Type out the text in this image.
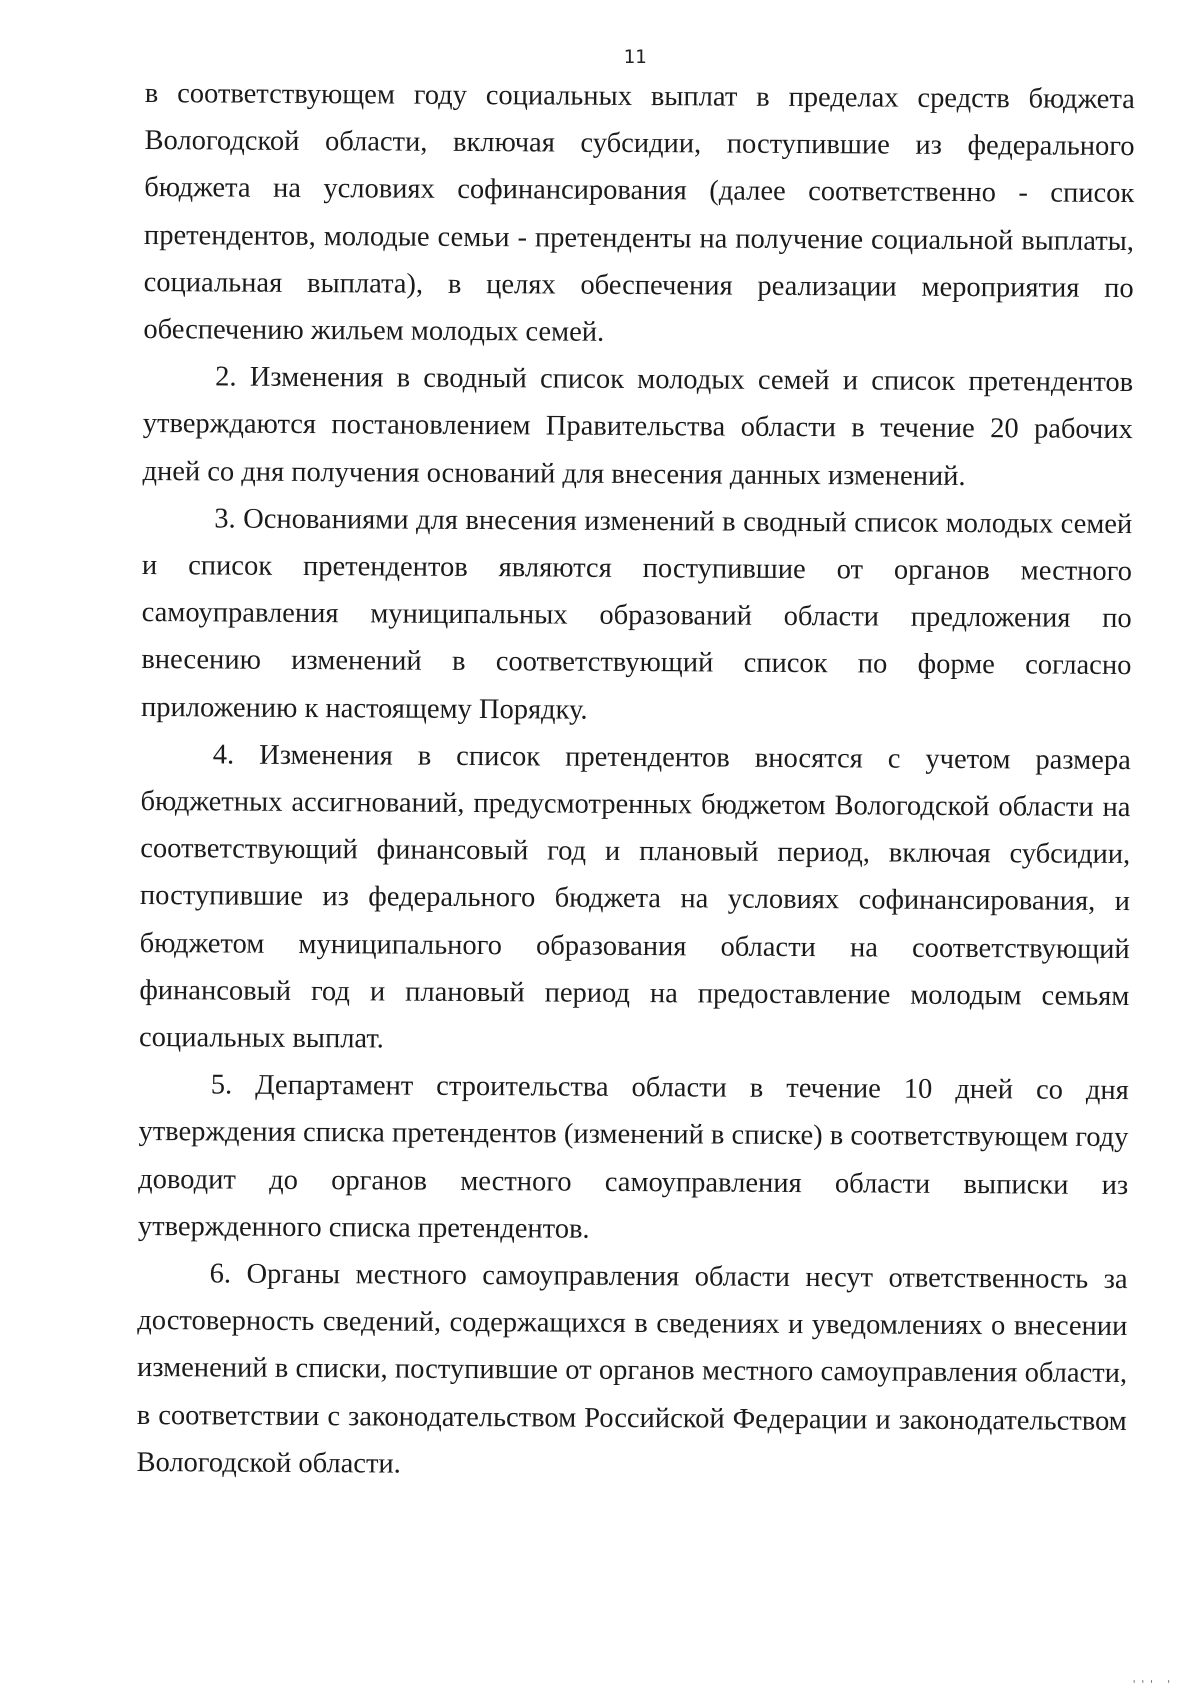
11

в соответствующем году социальных выплат в пределах средств бюджета Вологодской области, включая субсидии, поступившие из федерального бюджета на условиях софинансирования (далее соответственно - список претендентов, молодые семьи - претенденты на получение социальной выплаты, социальная выплата), в целях обеспечения реализации мероприятия по обеспечению жильем молодых семей.

2. Изменения в сводный список молодых семей и список претендентов утверждаются постановлением Правительства области в течение 20 рабочих дней со дня получения оснований для внесения данных изменений.

3. Основаниями для внесения изменений в сводный список молодых семей и список претендентов являются поступившие от органов местного самоуправления муниципальных образований области предложения по внесению изменений в соответствующий список по форме согласно приложению к настоящему Порядку.

4. Изменения в список претендентов вносятся с учетом размера бюджетных ассигнований, предусмотренных бюджетом Вологодской области на соответствующий финансовый год и плановый период, включая субсидии, поступившие из федерального бюджета на условиях софинансирования, и бюджетом муниципального образования области на соответствующий финансовый год и плановый период на предоставление молодым семьям социальных выплат.

5. Департамент строительства области в течение 10 дней со дня утверждения списка претендентов (изменений в списке) в соответствующем году доводит до органов местного самоуправления области выписки из утвержденного списка претендентов.

6. Органы местного самоуправления области несут ответственность за достоверность сведений, содержащихся в сведениях и уведомлениях о внесении изменений в списки, поступившие от органов местного самоуправления области, в соответствии с законодательством Российской Федерации и законодательством Вологодской области.

''' '
